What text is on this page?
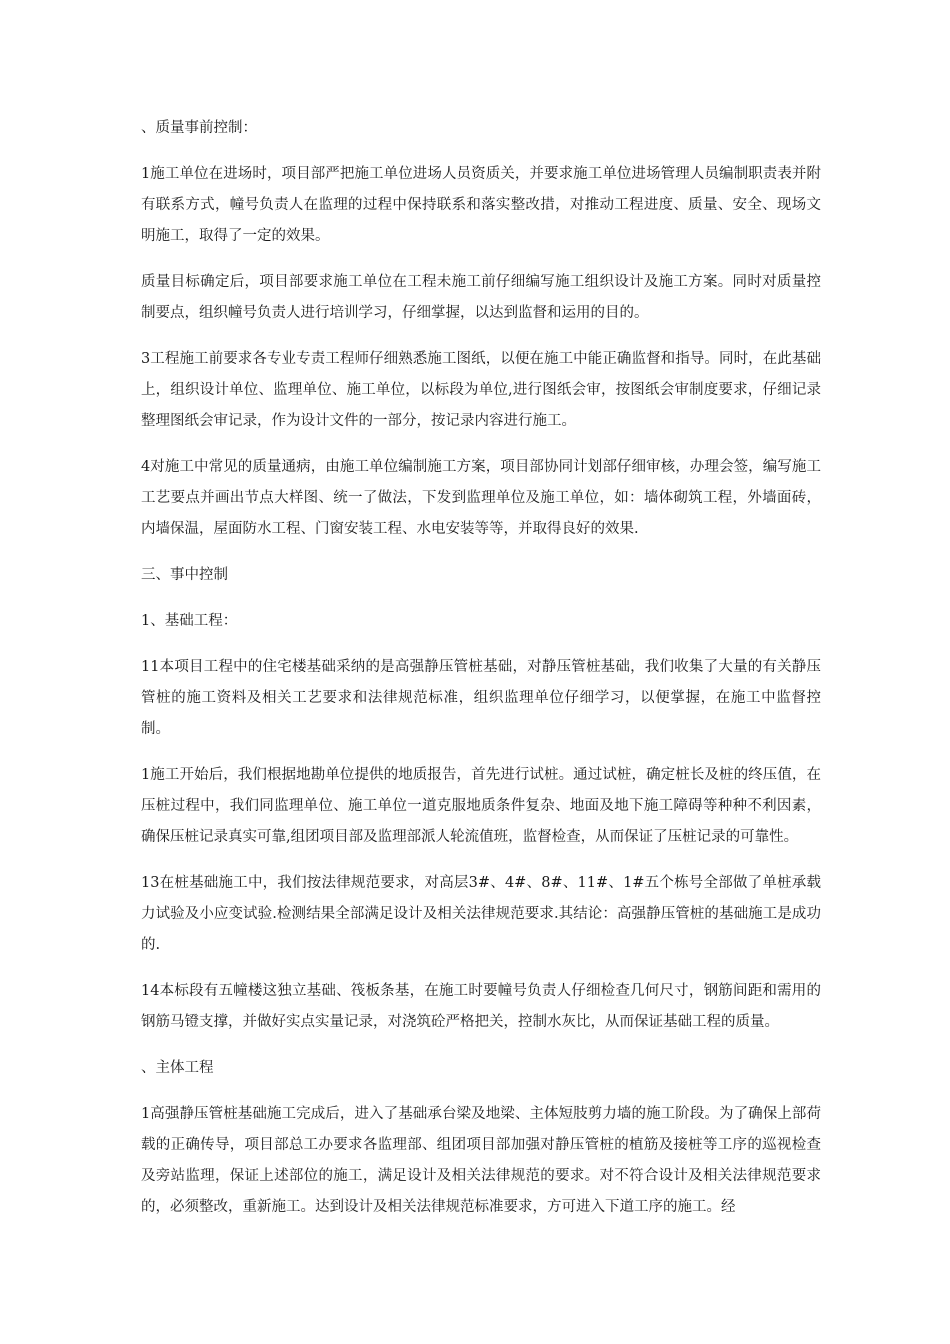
、质量事前控制：

1施工单位在进场时，项目部严把施工单位进场人员资质关，并要求施工单位进场管理人员编制职责表并附有联系方式，幢号负责人在监理的过程中保持联系和落实整改措，对推动工程进度、质量、安全、现场文明施工，取得了一定的效果。

质量目标确定后，项目部要求施工单位在工程未施工前仔细编写施工组织设计及施工方案。同时对质量控制要点，组织幢号负责人进行培训学习，仔细掌握，以达到监督和运用的目的。

3工程施工前要求各专业专责工程师仔细熟悉施工图纸，以便在施工中能正确监督和指导。同时，在此基础上，组织设计单位、监理单位、施工单位，以标段为单位,进行图纸会审，按图纸会审制度要求，仔细记录整理图纸会审记录，作为设计文件的一部分，按记录内容进行施工。

4对施工中常见的质量通病，由施工单位编制施工方案，项目部协同计划部仔细审核，办理会签，编写施工工艺要点并画出节点大样图、统一了做法，下发到监理单位及施工单位，如：墙体砌筑工程，外墙面砖，内墙保温，屋面防水工程、门窗安装工程、水电安装等等，并取得良好的效果.

三、事中控制

1、基础工程：

11本项目工程中的住宅楼基础采纳的是高强静压管桩基础，对静压管桩基础，我们收集了大量的有关静压管桩的施工资料及相关工艺要求和法律规范标准，组织监理单位仔细学习，以便掌握，在施工中监督控制。

1施工开始后，我们根据地勘单位提供的地质报告，首先进行试桩。通过试桩，确定桩长及桩的终压值，在压桩过程中，我们同监理单位、施工单位一道克服地质条件复杂、地面及地下施工障碍等种种不利因素，确保压桩记录真实可靠,组团项目部及监理部派人轮流值班，监督检查，从而保证了压桩记录的可靠性。

13在桩基础施工中，我们按法律规范要求，对高层3#、4#、8#、11#、1#五个栋号全部做了单桩承载力试验及小应变试验.检测结果全部满足设计及相关法律规范要求.其结论：高强静压管桩的基础施工是成功的.

14本标段有五幢楼这独立基础、筏板条基，在施工时要幢号负责人仔细检查几何尺寸，钢筋间距和需用的钢筋马镫支撑，并做好实点实量记录，对浇筑砼严格把关，控制水灰比，从而保证基础工程的质量。

、主体工程

1高强静压管桩基础施工完成后，进入了基础承台梁及地梁、主体短肢剪力墙的施工阶段。为了确保上部荷载的正确传导，项目部总工办要求各监理部、组团项目部加强对静压管桩的植筋及接桩等工序的巡视检查及旁站监理，保证上述部位的施工，满足设计及相关法律规范的要求。对不符合设计及相关法律规范要求的，必须整改，重新施工。达到设计及相关法律规范标准要求，方可进入下道工序的施工。经
